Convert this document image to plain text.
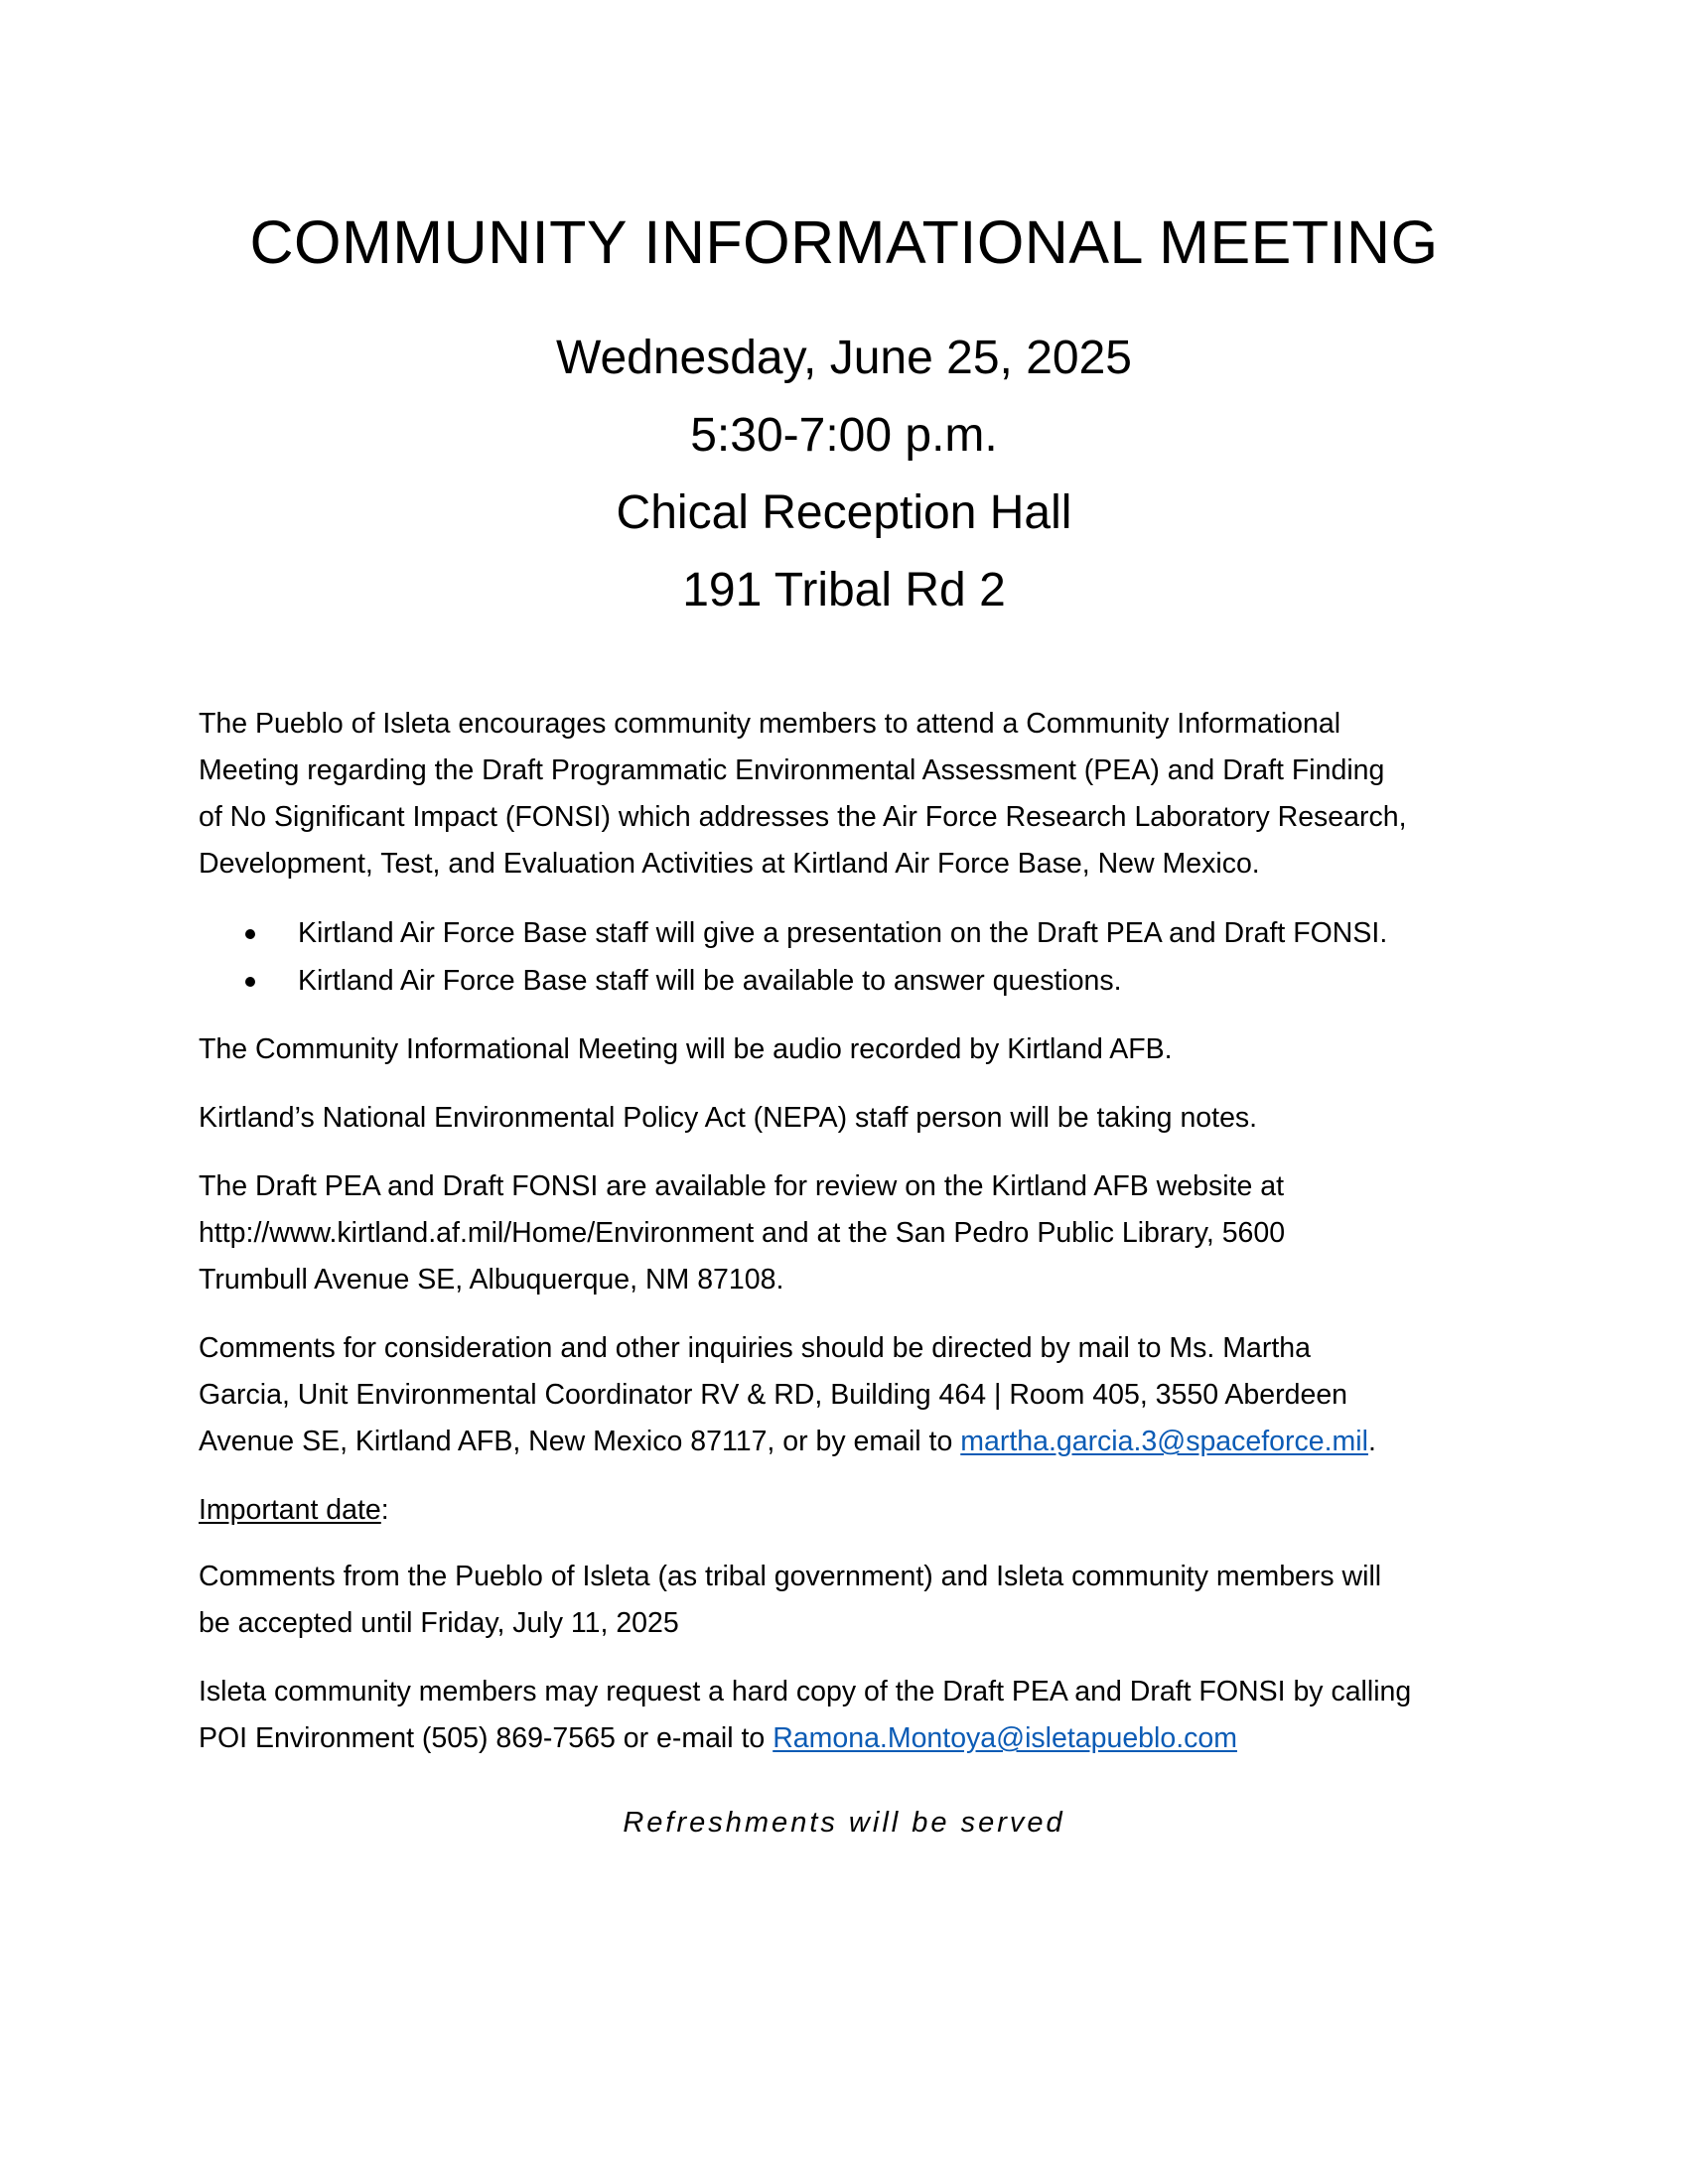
COMMUNITY INFORMATIONAL MEETING
Wednesday, June 25, 2025
5:30-7:00 p.m.
Chical Reception Hall
191 Tribal Rd 2

The Pueblo of Isleta encourages community members to attend a Community Informational
Meeting regarding the Draft Programmatic Environmental Assessment (PEA) and Draft Finding
of No Significant Impact (FONSI) which addresses the Air Force Research Laboratory Research,
Development, Test, and Evaluation Activities at Kirtland Air Force Base, New Mexico.

Kirtland Air Force Base staff will give a presentation on the Draft PEA and Draft FONSI.
Kirtland Air Force Base staff will be available to answer questions.

The Community Informational Meeting will be audio recorded by Kirtland AFB.

Kirtland’s National Environmental Policy Act (NEPA) staff person will be taking notes.

The Draft PEA and Draft FONSI are available for review on the Kirtland AFB website at
http://www.kirtland.af.mil/Home/Environment and at the San Pedro Public Library, 5600
Trumbull Avenue SE, Albuquerque, NM 87108.

Comments for consideration and other inquiries should be directed by mail to Ms. Martha
Garcia, Unit Environmental Coordinator RV & RD, Building 464 | Room 405, 3550 Aberdeen
Avenue SE, Kirtland AFB, New Mexico 87117, or by email to martha.garcia.3@spaceforce.mil.

Important date:

Comments from the Pueblo of Isleta (as tribal government) and Isleta community members will
be accepted until Friday, July 11, 2025

Isleta community members may request a hard copy of the Draft PEA and Draft FONSI by calling
POI Environment (505) 869-7565 or e-mail to Ramona.Montoya@isletapueblo.com

Refreshments will be served
